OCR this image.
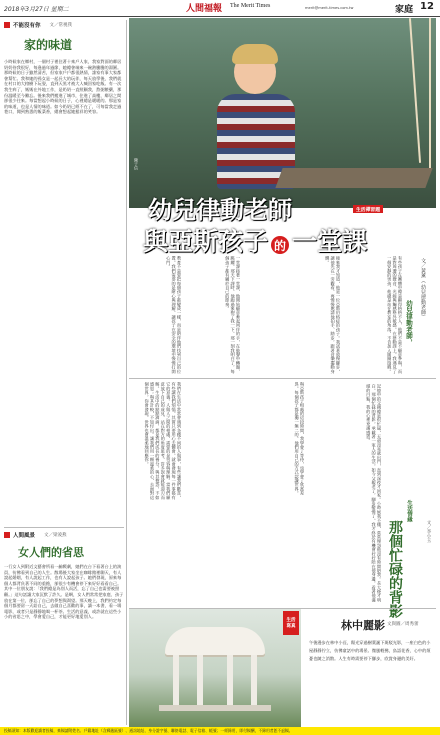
2018年3月27日 星期二	人間福報 The Merit Times	merit@merit-times.com.tw	家庭 12
不能沒有你 文／常視我
家的味道
小時候家在鄉村，一個村子裡住著十來戶人家，我家對面的鄰居奶奶待我很好，每逢過年過節，她總會端來一碗熱騰騰的湯圓。那時候的日子雖然清苦，但家家戶戶都很熱情，誰家有事大家都會幫忙。我和她的孫女是一起長大的玩伴，每天放學後，我們就在村口的大榕樹下玩耍，直到天黑才被大人喊回家吃飯。有一次我生病了，媽媽在外地工作，是奶奶一直照顧我，熬粥餵藥，那份溫暖至今難忘。後來我們搬進了城市，住進了高樓，鄰居之間卻很少往來。每當想起小時候的日子，心裡總是暖暖的。那是家的味道，也是人情的味道。如今奶奶已經不在了，可每當我走過巷口，聞到熟悉的飯菜香，總會想起她慈祥的笑容。
陳子信
生活禪習題
幼兒律動老師
與亞斯孩子 的 一堂課
文／黃薰（ 幼兒律動老師）
幼兒律動老師，
有些孩子在團體中總是顯得格格不入，他們不是不願意參與，而是對周遭的聲音、光線與觸感格外敏感。在律動課上，我遇見了一個安靜的男孩，他總是站在教室的角落，不肯加入圍圈遊戲。
後來我才知道，他是一位亞斯伯格症的孩子。我試著放慢腳步，讓他先在一旁觀看，再慢慢邀請他拍手、踏步，跟著音樂擺動身體。
一堂課接著一堂課，他開始願意牽起同伴的手，在鼓聲中轉圈、跳躍。那天下課時，他跑過來抱了我一下，那一刻我明白了，每個孩子都有屬於自己的節奏。
教育不是要把每個孩子都變成一樣，而是陪伴他們找到自己的位置。我們需要的是耐心與理解，讓孩子在安全的環境中慢慢打開心門。
與亞斯孩子相處的這段時間，我學會了等待，也學會了欣賞差異。每個孩子都是獨一無二的，他們用自己的方式認識世界。
我們在生活中常常會遇到各種不同的人與事，有些讓我們歡喜，有些讓我們煩惱。其實只要用心去體會，就會發現每一件事都有它的意義。人與人之間的相處，需要的是包容與理解。當我們願意放下自己的成見，站在對方的角度思考，許多誤會就能迎刃而解。生活中的點點滴滴，都是我們成長的養分。與其抱怨，不如感恩；與其計較，不如付出。讓我們用一顆溫柔的心，去面對這個世界，你會發現，世界也會溫柔地回應你。
生活情緣
文／李小玉
那個忙碌的背影
記憶中的父親總是很忙碌，天還沒亮就出門，直到深夜才回家。小時候我不懂，常常埋怨他沒有時間陪我。長大後才明白，那個忙碌的背影，承載著一家人的生活。如今父親老了，腳步變慢了，我才終於有機會好好陪在他身邊。看著他滿頭的白髮，我的心裡充滿感恩。
人間風景 文／梁凌燕
女人們的省思
一行女人到附近文藝會所看一齣戲劇，她們在台下看著台上的演員，彷彿看到自己的人生。散場後大家坐在咖啡館裡聊天，有人說起婚姻，有人說起工作，也有人說起孩子。她們發現，原來每個人都背負著不同的重擔，卻很少有機會停下來好好看看自己。其中一位朋友說：「我們總是為別人而活，忘了自己也需要被照顧。」這句話讓大家沉默了許久。是啊，女人們常常把家庭、孩子放在第一位，卻忘了自己的夢想與渴望。那天晚上，我們約定每個月都要留一天給自己，去做自己喜歡的事，讀一本書，看一場電影，或者只是靜靜地喝一杯茶。生活的意義，或許就在這些小小的省思之中，學會愛自己，才能更好地愛別人。
生活
寫真	林中麗影 文與圖／周秀蕾
午後漫步在林中小徑，陽光穿過樹葉灑下斑駁光影，一座白色的小屋靜靜佇立，彷彿童話中的場景。微風輕拂，鳥語花香，心中的煩憂也隨之消散。人生有時需要停下腳步，欣賞身邊的美好。
投稿須知：本版歡迎讀者投稿，來稿請附姓名、戶籍地址（含郵遞區號）、通訊地址、身分證字號、聯絡電話、電子信箱、帳號；一經錄用，即付稿酬，不錄用者恕不退稿。
